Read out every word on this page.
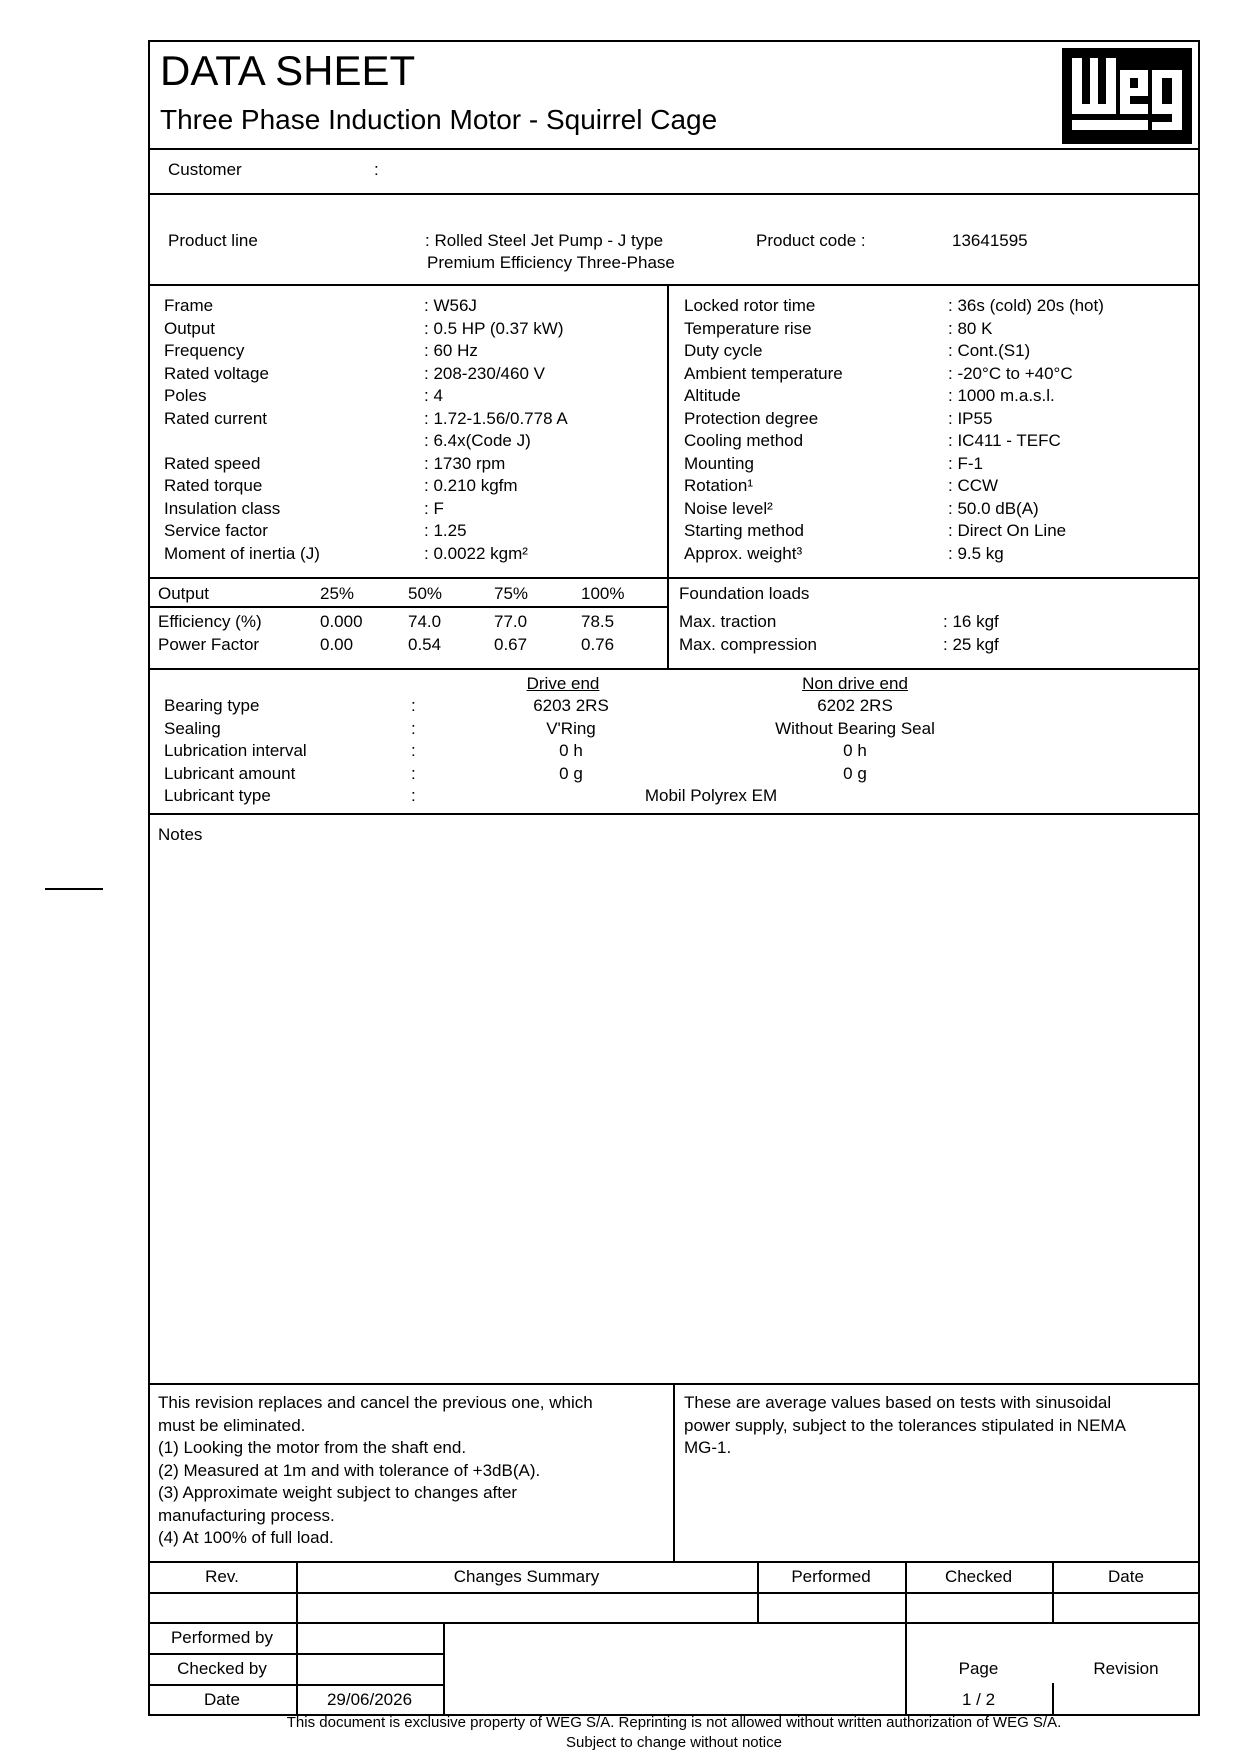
DATA SHEET
Three Phase Induction Motor - Squirrel Cage
Customer	:
Product line	: Rolled Steel Jet Pump - J type
Premium Efficiency Three-Phase
Product code :	13641595
Frame	: W56J
Output	: 0.5 HP (0.37 kW)
Frequency	: 60 Hz
Rated voltage	: 208-230/460 V
Poles	: 4
Rated current	: 1.72-1.56/0.778 A
: 6.4x(Code J)
Rated speed	: 1730 rpm
Rated torque	: 0.210 kgfm
Insulation class	: F
Service factor	: 1.25
Moment of inertia (J)	: 0.0022 kgm²
Locked rotor time	: 36s (cold) 20s (hot)
Temperature rise	: 80 K
Duty cycle	: Cont.(S1)
Ambient temperature	: -20°C to +40°C
Altitude	: 1000 m.a.s.l.
Protection degree	: IP55
Cooling method	: IC411 - TEFC
Mounting	: F-1
Rotation¹	: CCW
Noise level²	: 50.0 dB(A)
Starting method	: Direct On Line
Approx. weight³	: 9.5 kg
Output	25%	50%	75%	100%
Efficiency (%)	0.000	74.0	77.0	78.5
Power Factor	0.00	0.54	0.67	0.76
Foundation loads
Max. traction	: 16 kgf
Max. compression	: 25 kgf
Drive end	Non drive end
Bearing type	:	6203 2RS	6202 2RS
Sealing	:	V'Ring	Without Bearing Seal
Lubrication interval	:	0 h	0 h
Lubricant amount	:	0 g	0 g
Lubricant type	:	Mobil Polyrex EM
Notes
This revision replaces and cancel the previous one, which
must be eliminated.
(1) Looking the motor from the shaft end.
(2) Measured at 1m and with tolerance of +3dB(A).
(3) Approximate weight subject to changes after
manufacturing process.
(4) At 100% of full load.
These are average values based on tests with sinusoidal
power supply, subject to the tolerances stipulated in NEMA
MG-1.
Rev.	Changes Summary	Performed	Checked	Date
Performed by
Checked by
Date	29/06/2026
Page
1 / 2
Revision
This document is exclusive property of WEG S/A. Reprinting is not allowed without written authorization of WEG S/A.
Subject to change without notice
